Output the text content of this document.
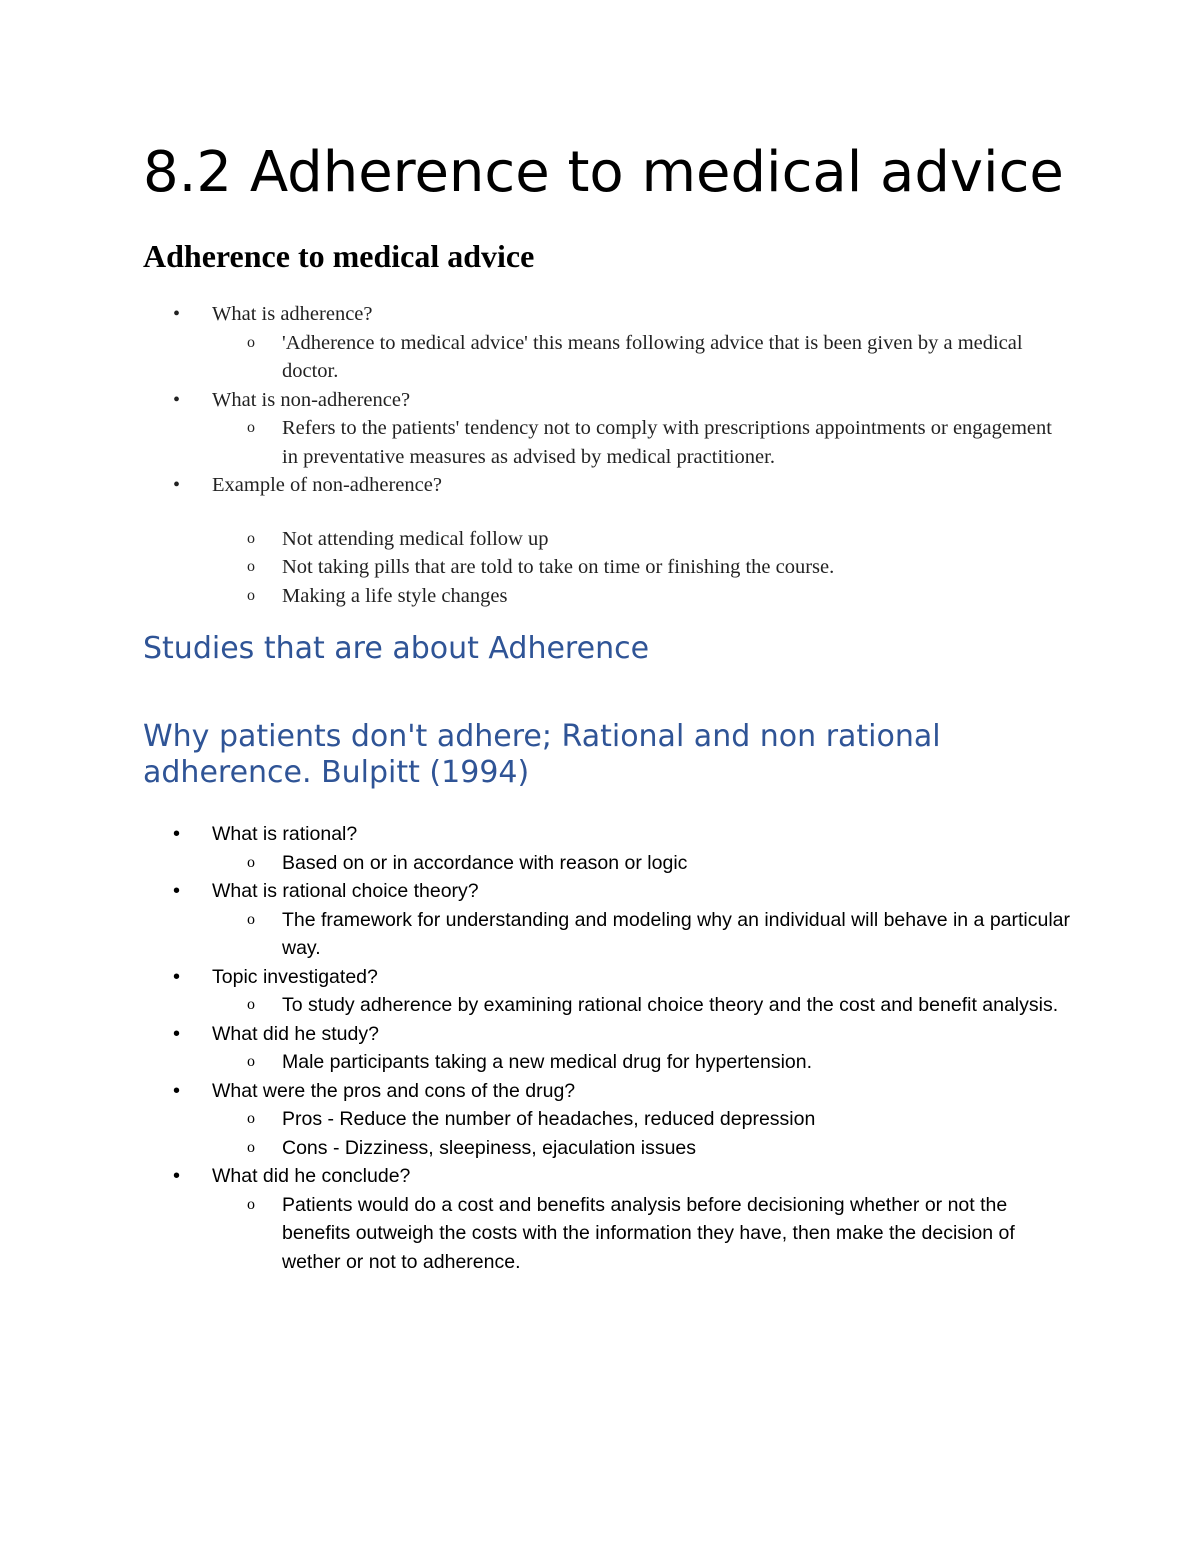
8.2 Adherence to medical advice
Adherence to medical advice
• What is adherence?
o 'Adherence to medical advice' this means following advice that is been given by a medical doctor.
• What is non-adherence?
o Refers to the patients' tendency not to comply with prescriptions appointments or engagement in preventative measures as advised by medical practitioner.
• Example of non-adherence?
o Not attending medical follow up
o Not taking pills that are told to take on time or finishing the course.
o Making a life style changes
Studies that are about Adherence
Why patients don't adhere; Rational and non rational adherence. Bulpitt (1994)
• What is rational?
o Based on or in accordance with reason or logic
• What is rational choice theory?
o The framework for understanding and modeling why an individual will behave in a particular way.
• Topic investigated?
o To study adherence by examining rational choice theory and the cost and benefit analysis.
• What did he study?
o Male participants taking a new medical drug for hypertension.
• What were the pros and cons of the drug?
o Pros - Reduce the number of headaches, reduced depression
o Cons - Dizziness, sleepiness, ejaculation issues
• What did he conclude?
o Patients would do a cost and benefits analysis before decisioning whether or not the benefits outweigh the costs with the information they have, then make the decision of wether or not to adherence.
